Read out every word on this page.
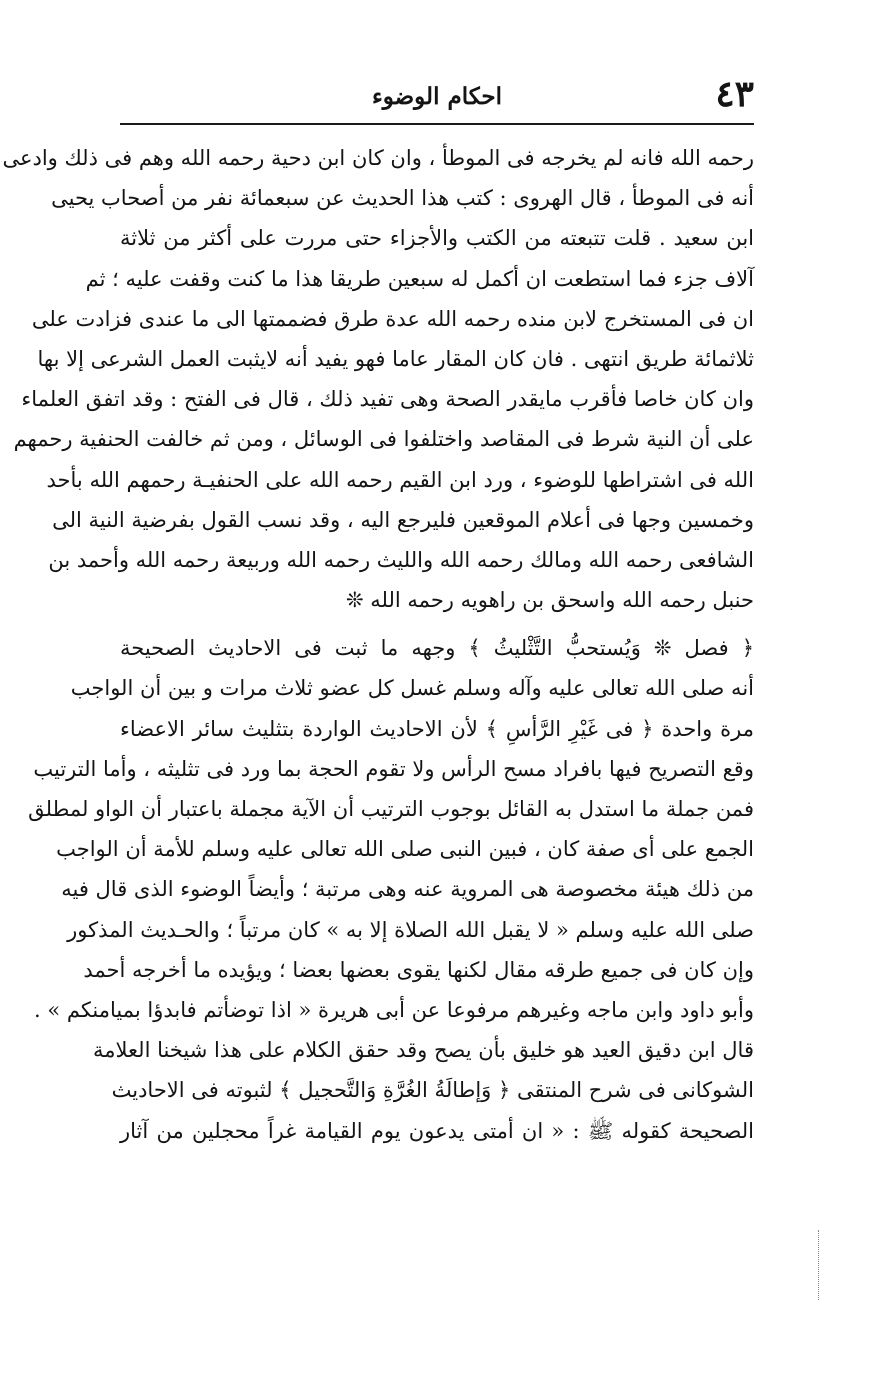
٤٣
احكام الوضوء
رحمه الله فانه لم يخرجه فى الموطأ ، وان كان ابن دحية رحمه الله وهم فى ذلك وادعى
أنه فى الموطأ ، قال الهروى : كتب هذا الحديث عن سبعمائة نفر من أصحاب يحيى
ابن سعيد . قلت تتبعته من الكتب والأجزاء حتى مررت على أكثر من ثلاثة
آلاف جزء فما استطعت ان أكمل له سبعين طريقا هذا ما كنت وقفت عليه ؛ ثم
ان فى المستخرج لابن منده رحمه الله عدة طرق فضممتها الى ما عندى فزادت على
ثلاثمائة طريق انتهى . فان كان المقار عاما فهو يفيد أنه لايثبت العمل الشرعى إلا بها
وان كان خاصا فأقرب مايقدر الصحة وهى تفيد ذلك ، قال فى الفتح : وقد اتفق العلماء
على أن النية شرط فى المقاصد واختلفوا فى الوسائل ، ومن ثم خالفت الحنفية رحمهم
الله فى اشتراطها للوضوء ، ورد ابن القيم رحمه الله على الحنفيـة رحمهم الله بأحد
وخمسين وجها فى أعلام الموقعين فليرجع اليه ، وقد نسب القول بفرضية النية الى
الشافعى رحمه الله ومالك رحمه الله والليث رحمه الله وربيعة رحمه الله وأحمد بن
حنبل رحمه الله واسحق بن راهويه رحمه الله ❊
﴿ فصل ❊ وَيُستحبُّ التَّثْليثُ ﴾ وجهه ما ثبت فى الاحاديث الصحيحة
أنه صلى الله تعالى عليه وآله وسلم غسل كل عضو ثلاث مرات و بين أن الواجب
مرة واحدة ﴿ فى غَيْرِ الرَّأسِ ﴾ لأن الاحاديث الواردة بتثليث سائر الاعضاء
وقع التصريح فيها بافراد مسح الرأس ولا تقوم الحجة بما ورد فى تثليثه ، وأما الترتيب
فمن جملة ما استدل به القائل بوجوب الترتيب أن الآية مجملة باعتبار أن الواو لمطلق
الجمع على أى صفة كان ، فبين النبى صلى الله تعالى عليه وسلم للأمة أن الواجب
من ذلك هيئة مخصوصة هى المروية عنه وهى مرتبة ؛ وأيضاً الوضوء الذى قال فيه
صلى الله عليه وسلم « لا يقبل الله الصلاة إلا به » كان مرتباً ؛ والحـديث المذكور
وإن كان فى جميع طرقه مقال لكنها يقوى بعضها بعضا ؛ ويؤيده ما أخرجه أحمد
وأبو داود وابن ماجه وغيرهم مرفوعا عن أبى هريرة « اذا توضأتم فابدؤا بميامنكم » .
قال ابن دقيق العيد هو خليق بأن يصح وقد حقق الكلام على هذا شيخنا العلامة
الشوكانى فى شرح المنتقى ﴿ وَإطالَةُ الغُرَّةِ وَالتَّحجيل ﴾ لثبوته فى الاحاديث
الصحيحة كقوله ﷺ : « ان أمتى يدعون يوم القيامة غراً محجلين من آثار
